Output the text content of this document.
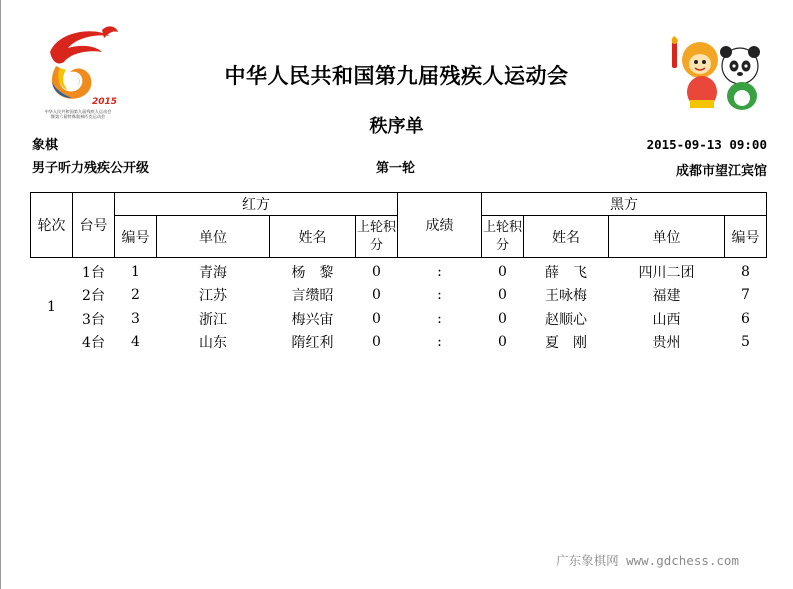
2015
中华人民共和国第九届残疾人运动会
暨第六届特殊奥林匹克运动会
中华人民共和国第九届残疾人运动会
秩序单
象棋	2015-09-13 09:00
男子听力残疾公开级	第一轮	成都市望江宾馆
轮次	台号	红方				成绩	黑方			
		编号	单位	姓名	上轮积分		上轮积分	姓名	单位	编号
1	1台	1	青海	杨　黎	0	:	0	薛　飞	四川二团	8
	2台	2	江苏	言缵昭	0	:	0	王咏梅	福建	7
	3台	3	浙江	梅兴宙	0	:	0	赵顺心	山西	6
	4台	4	山东	隋红利	0	:	0	夏　刚	贵州	5
广东象棋网 www.gdchess.com
